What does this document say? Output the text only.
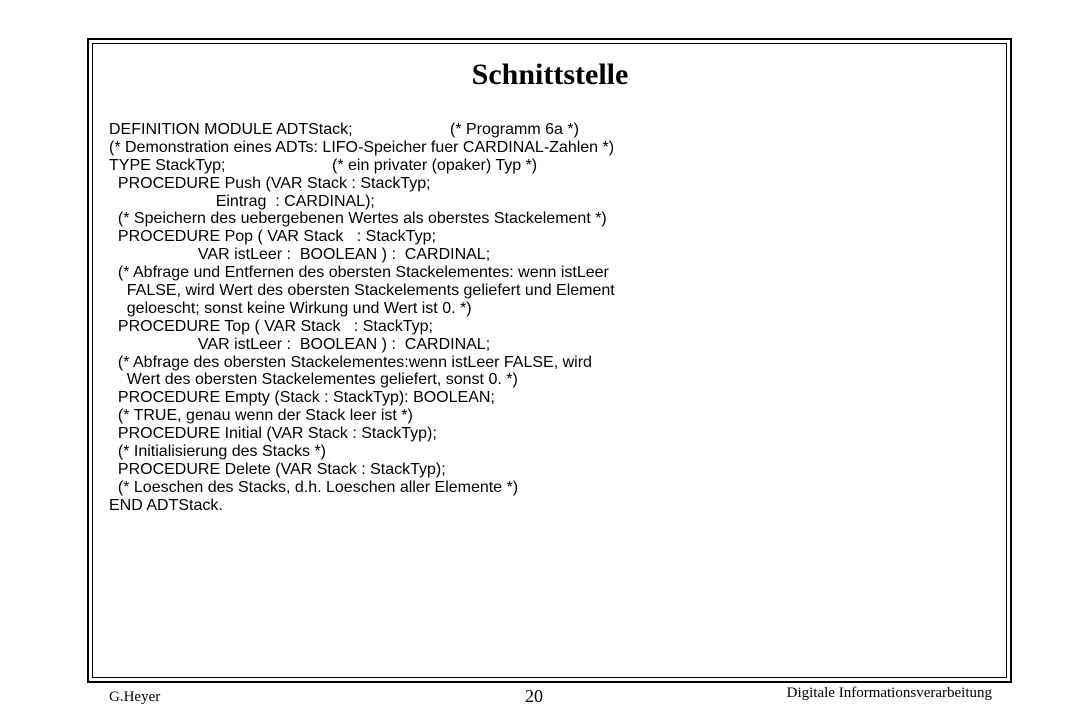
Schnittstelle
DEFINITION MODULE ADTStack;	(* Programm 6a *)
(* Demonstration eines ADTs: LIFO-Speicher fuer CARDINAL-Zahlen *)
TYPE StackTyp;	(* ein privater (opaker) Typ *)
PROCEDURE Push (VAR Stack : StackTyp;
Eintrag  : CARDINAL);
(* Speichern des uebergebenen Wertes als oberstes Stackelement *)
PROCEDURE Pop ( VAR Stack   : StackTyp;
VAR istLeer :  BOOLEAN ) :  CARDINAL;
(* Abfrage und Entfernen des obersten Stackelementes: wenn istLeer
FALSE, wird Wert des obersten Stackelements geliefert und Element
geloescht; sonst keine Wirkung und Wert ist 0. *)
PROCEDURE Top ( VAR Stack   : StackTyp;
VAR istLeer :  BOOLEAN ) :  CARDINAL;
(* Abfrage des obersten Stackelementes:wenn istLeer FALSE, wird
Wert des obersten Stackelementes geliefert, sonst 0. *)
PROCEDURE Empty (Stack : StackTyp): BOOLEAN;
(* TRUE, genau wenn der Stack leer ist *)
PROCEDURE Initial (VAR Stack : StackTyp);
(* Initialisierung des Stacks *)
PROCEDURE Delete (VAR Stack : StackTyp);
(* Loeschen des Stacks, d.h. Loeschen aller Elemente *)
END ADTStack.
G.Heyer	20	Digitale Informationsverarbeitung
